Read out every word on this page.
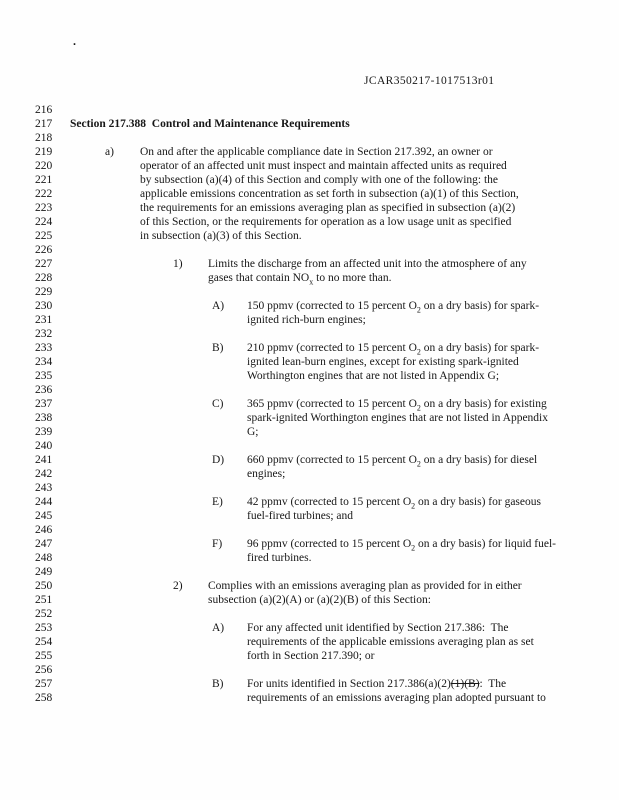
.
JCAR350217-1017513r01
216
217 Section 217.388  Control and Maintenance Requirements
218
219	a) On and after the applicable compliance date in Section 217.392, an owner or
220	operator of an affected unit must inspect and maintain affected units as required
221	by subsection (a)(4) of this Section and comply with one of the following: the
222	applicable emissions concentration as set forth in subsection (a)(1) of this Section,
223	the requirements for an emissions averaging plan as specified in subsection (a)(2)
224	of this Section, or the requirements for operation as a low usage unit as specified
225	in subsection (a)(3) of this Section.
226
227	1) Limits the discharge from an affected unit into the atmosphere of any
228	gases that contain $NO_x$ to no more than.
229
230	A) 150 ppmv (corrected to 15 percent $O_2$ on a dry basis) for spark-
231	ignited rich-burn engines;
232
233	B) 210 ppmv (corrected to 15 percent $O_2$ on a dry basis) for spark-
234	ignited lean-burn engines, except for existing spark-ignited
235	Worthington engines that are not listed in Appendix G;
236
237	C) 365 ppmv (corrected to 15 percent $O_2$ on a dry basis) for existing
238	spark-ignited Worthington engines that are not listed in Appendix
239	G;
240
241	D) 660 ppmv (corrected to 15 percent $O_2$ on a dry basis) for diesel
242	engines;
243
244	E) 42 ppmv (corrected to 15 percent $O_2$ on a dry basis) for gaseous
245	fuel-fired turbines; and
246
247	F) 96 ppmv (corrected to 15 percent $O_2$ on a dry basis) for liquid fuel-
248	fired turbines.
249
250	2) Complies with an emissions averaging plan as provided for in either
251	subsection (a)(2)(A) or (a)(2)(B) of this Section:
252
253	A) For any affected unit identified by Section 217.386:  The
254	requirements of the applicable emissions averaging plan as set
255	forth in Section 217.390; or
256
257	B) For units identified in Section 217.386(a)(2)(1)(B):  The
258	requirements of an emissions averaging plan adopted pursuant to
